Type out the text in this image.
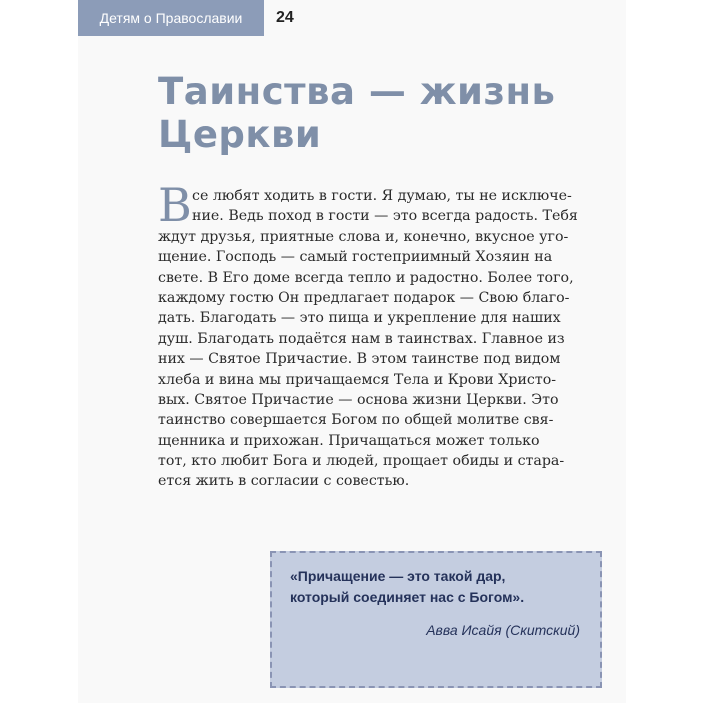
Детям о Православии	24
Таинства — жизнь
Церкви
В се любят ходить в гости. Я думаю, ты не исключе-
ние. Ведь поход в гости — это всегда радость. Тебя
ждут друзья, приятные слова и, конечно, вкусное уго-
щение. Господь — самый гостеприимный Хозяин на
свете. В Его доме всегда тепло и радостно. Более того,
каждому гостю Он предлагает подарок — Свою благо-
дать. Благодать — это пища и укрепление для наших
душ. Благодать подаётся нам в таинствах. Главное из
них — Святое Причастие. В этом таинстве под видом
хлеба и вина мы причащаемся Тела и Крови Христо-
вых. Святое Причастие — основа жизни Церкви. Это
таинство совершается Богом по общей молитве свя-
щенника и прихожан. Причащаться может только
тот, кто любит Бога и людей, прощает обиды и стара-
ется жить в согласии с совестью.
«Причащение — это такой дар,
который соединяет нас с Богом».
Авва Исайя (Скитский)
